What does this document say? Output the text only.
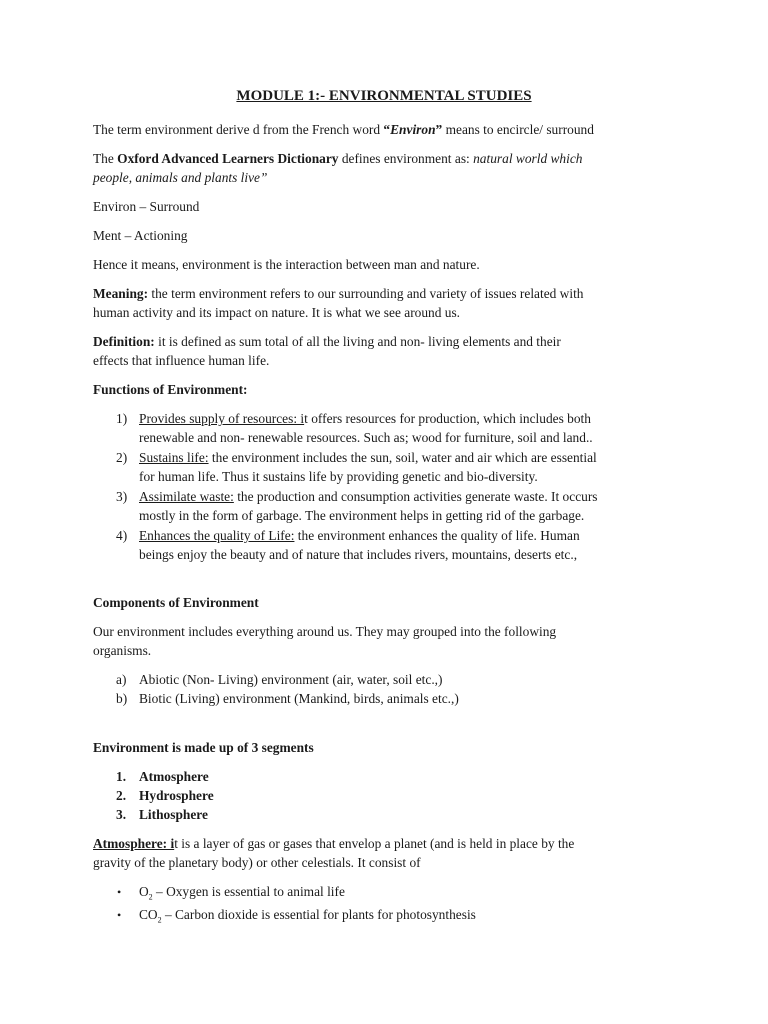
MODULE 1:- ENVIRONMENTAL STUDIES
The term environment derive d from the French word “Environ” means to encircle/ surround
The Oxford Advanced Learners Dictionary defines environment as: natural world which
people, animals and plants live”
Environ – Surround
Ment – Actioning
Hence it means, environment is the interaction between man and nature.
Meaning: the term environment refers to our surrounding and variety of issues related with
human activity and its impact on nature. It is what we see around us.
Definition: it is defined as sum total of all the living and non- living elements and their
effects that influence human life.
Functions of Environment:
1) Provides supply of resources: it offers resources for production, which includes both
renewable and non- renewable resources. Such as; wood for furniture, soil and land..
2) Sustains life: the environment includes the sun, soil, water and air which are essential
for human life. Thus it sustains life by providing genetic and bio-diversity.
3) Assimilate waste: the production and consumption activities generate waste. It occurs
mostly in the form of garbage. The environment helps in getting rid of the garbage.
4) Enhances the quality of Life: the environment enhances the quality of life. Human
beings enjoy the beauty and of nature that includes rivers, mountains, deserts etc.,
Components of Environment
Our environment includes everything around us. They may grouped into the following
organisms.
a) Abiotic (Non- Living) environment (air, water, soil etc.,)
b) Biotic (Living) environment (Mankind, birds, animals etc.,)
Environment is made up of 3 segments
1. Atmosphere
2. Hydrosphere
3. Lithosphere
Atmosphere: it is a layer of gas or gases that envelop a planet (and is held in place by the
gravity of the planetary body) or other celestials. It consist of
• $O_2$ – Oxygen is essential to animal life
• $CO_2$ – Carbon dioxide is essential for plants for photosynthesis
